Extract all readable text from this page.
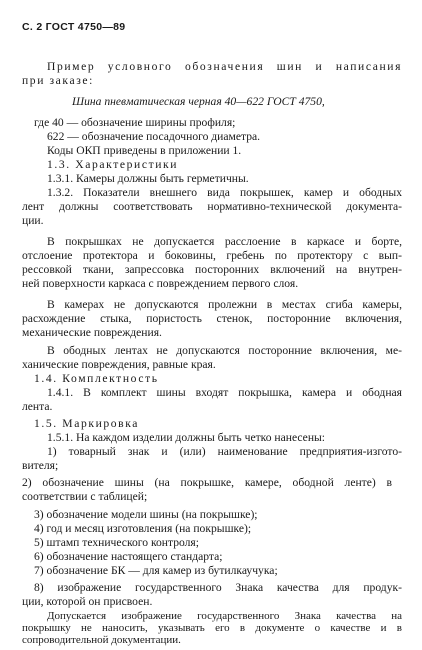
С. 2 ГОСТ 4750—89
Пример условного обозначения шин и написания
при заказе:
Шина пневматическая черная 40—622 ГОСТ 4750,
где 40 — обозначение ширины профиля;
622 — обозначение посадочного диаметра.
Коды ОКП приведены в приложении 1.
1.3. Характеристики
1.3.1. Камеры должны быть герметичны.
1.3.2. Показатели внешнего вида покрышек, камер и ободных
лент должны соответствовать нормативно-технической документа-
ции.
В покрышках не допускается расслоение в каркасе и борте,
отслоение протектора и боковины, гребень по протектору с вып-
рессовкой ткани, запрессовка посторонних включений на внутрен-
ней поверхности каркаса с повреждением первого слоя.
В камерах не допускаются пролежни в местах сгиба камеры,
расхождение стыка, пористость стенок, посторонние включения,
механические повреждения.
В ободных лентах не допускаются посторонние включения, ме-
ханические повреждения, равные края.
1.4. Комплектность
1.4.1. В комплект шины входят покрышка, камера и ободная
лента.
1.5. Маркировка
1.5.1. На каждом изделии должны быть четко нанесены:
1) товарный знак и (или) наименование предприятия-изгото-
вителя;
2) обозначение шины (на покрышке, камере, ободной ленте) в
соответствии с таблицей;
3) обозначение модели шины (на покрышке);
4) год и месяц изготовления (на покрышке);
5) штамп технического контроля;
6) обозначение настоящего стандарта;
7) обозначение БК — для камер из бутилкаучука;
8) изображение государственного Знака качества для продук-
ции, которой он присвоен.
Допускается изображение государственного Знака качества на
покрышку не наносить, указывать его в документе о качестве и в
сопроводительной документации.
